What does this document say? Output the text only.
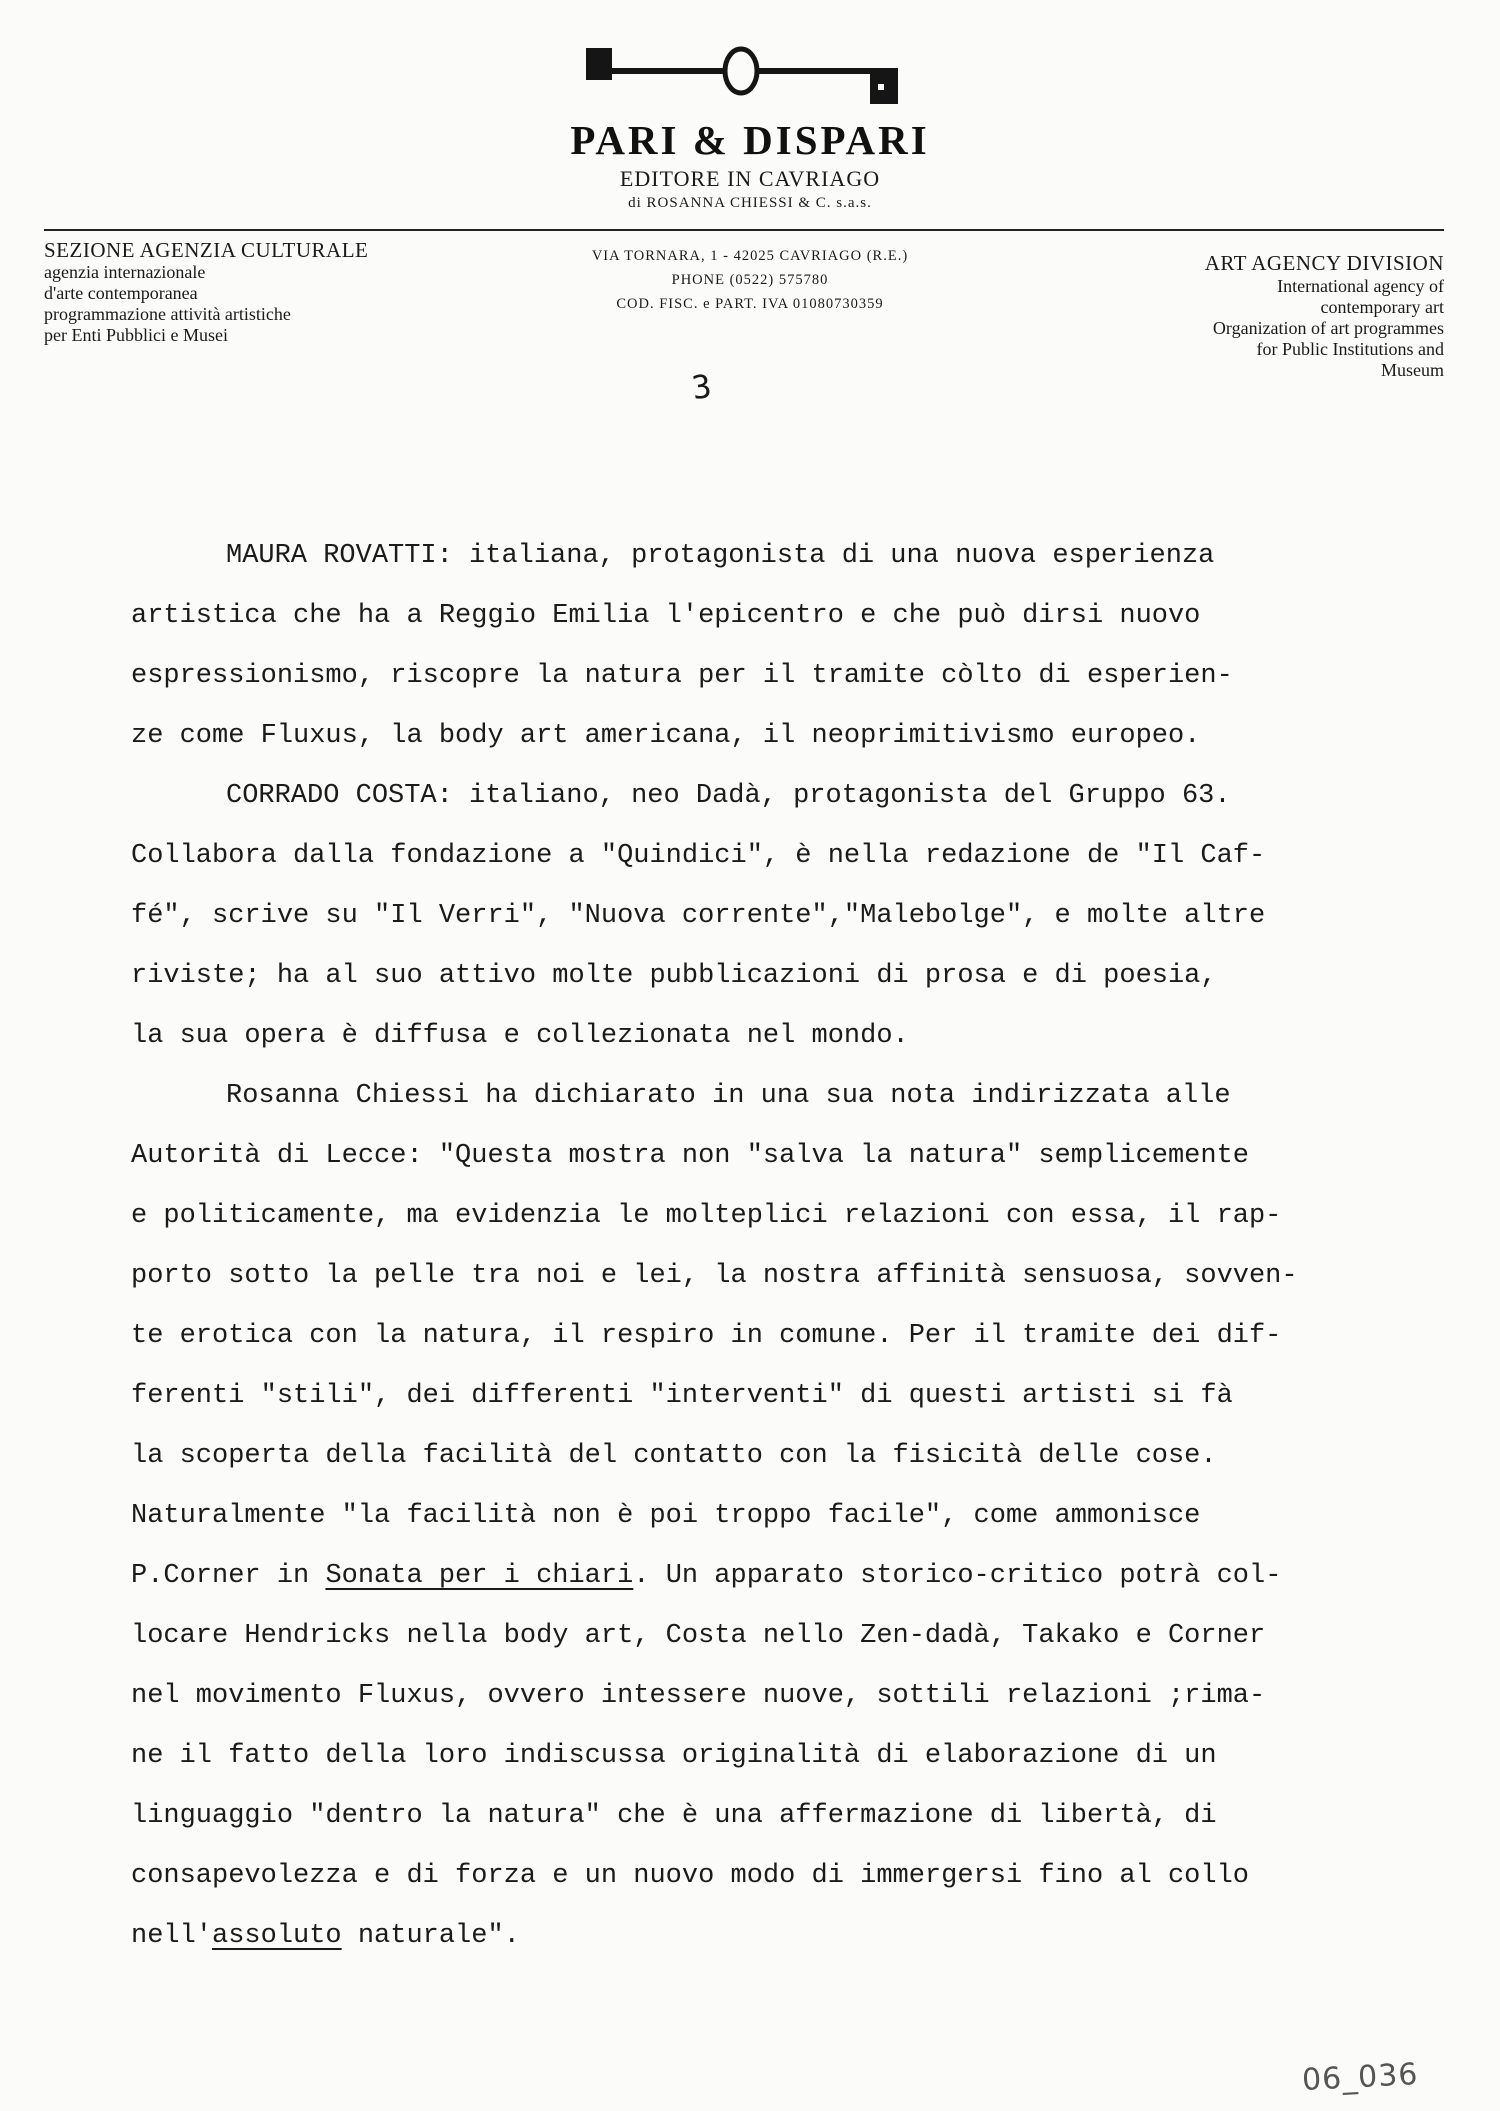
PARI & DISPARI
EDITORE IN CAVRIAGO
di ROSANNA CHIESSI & C. s.a.s.
SEZIONE AGENZIA CULTURALE
agenzia internazionale
d'arte contemporanea
programmazione attività artistiche
per Enti Pubblici e Musei
VIA TORNARA, 1 - 42025 CAVRIAGO (R.E.)
PHONE (0522) 575780
COD. FISC. e PART. IVA 01080730359
ART AGENCY DIVISION
International agency of
contemporary art
Organization of art programmes
for Public Institutions and
Museum
3
MAURA ROVATTI: italiana, protagonista di una nuova esperienza
artistica che ha a Reggio Emilia l'epicentro e che può dirsi nuovo
espressionismo, riscopre la natura per il tramite còlto di esperien-
ze come Fluxus, la body art americana, il neoprimitivismo europeo.
CORRADO COSTA: italiano, neo Dadà, protagonista del Gruppo 63.
Collabora dalla fondazione a "Quindici", è nella redazione de "Il Caf-
fé", scrive su "Il Verri", "Nuova corrente","Malebolge", e molte altre
riviste; ha al suo attivo molte pubblicazioni di prosa e di poesia,
la sua opera è diffusa e collezionata nel mondo.
Rosanna Chiessi ha dichiarato in una sua nota indirizzata alle
Autorità di Lecce: "Questa mostra non "salva la natura" semplicemente
e politicamente, ma evidenzia le molteplici relazioni con essa, il rap-
porto sotto la pelle tra noi e lei, la nostra affinità sensuosa, sovven-
te erotica con la natura, il respiro in comune. Per il tramite dei dif-
ferenti "stili", dei differenti "interventi" di questi artisti si fà
la scoperta della facilità del contatto con la fisicità delle cose.
Naturalmente "la facilità non è poi troppo facile", come ammonisce
P.Corner in Sonata per i chiari. Un apparato storico-critico potrà col-
locare Hendricks nella body art, Costa nello Zen-dadà, Takako e Corner
nel movimento Fluxus, ovvero intessere nuove, sottili relazioni ;rima-
ne il fatto della loro indiscussa originalità di elaborazione di un
linguaggio "dentro la natura" che è una affermazione di libertà, di
consapevolezza e di forza e un nuovo modo di immergersi fino al collo
nell'assoluto naturale".
06_036
